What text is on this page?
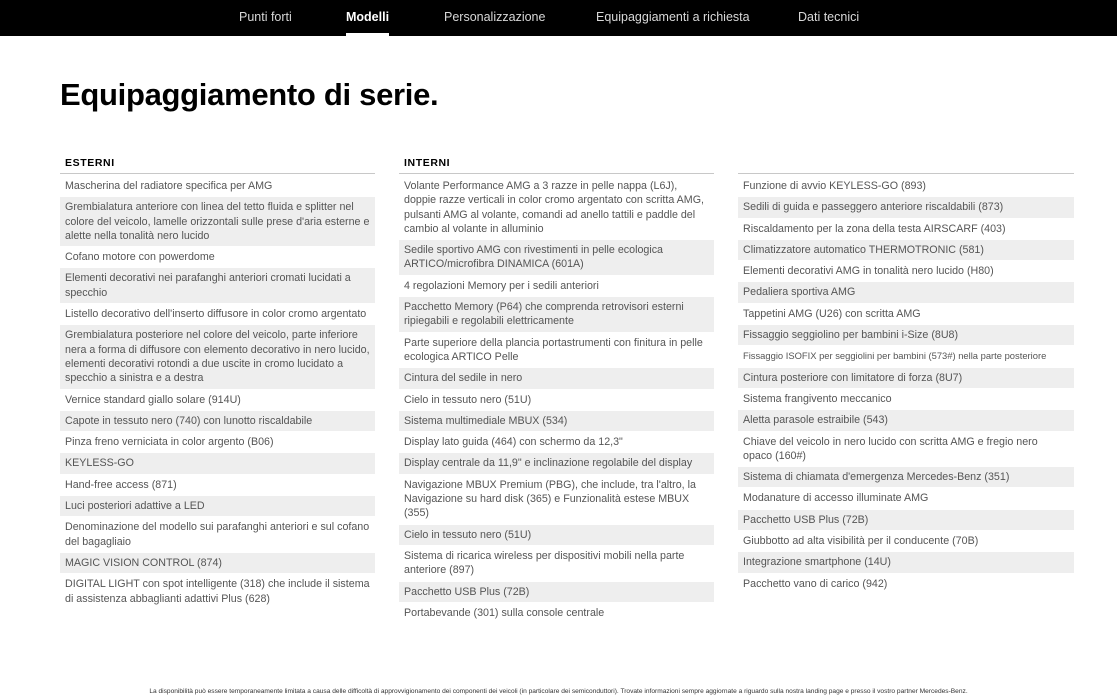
Punti forti	Modelli	Personalizzazione	Equipaggiamenti a richiesta	Dati tecnici
Equipaggiamento di serie.
ESTERNI
Mascherina del radiatore specifica per AMG
Grembialatura anteriore con linea del tetto fluida e splitter nel colore del veicolo, lamelle orizzontali sulle prese d'aria esterne e alette nella tonalità nero lucido
Cofano motore con powerdome
Elementi decorativi nei parafanghi anteriori cromati lucidati a specchio
Listello decorativo dell'inserto diffusore in color cromo argentato
Grembialatura posteriore nel colore del veicolo, parte inferiore nera a forma di diffusore con elemento decorativo in nero lucido, elementi decorativi rotondi a due uscite in cromo lucidato a specchio a sinistra e a destra
Vernice standard giallo solare (914U)
Capote in tessuto nero (740) con lunotto riscaldabile
Pinza freno verniciata in color argento (B06)
KEYLESS-GO
Hand-free access (871)
Luci posteriori adattive a LED
Denominazione del modello sui parafanghi anteriori e sul cofano del bagagliaio
MAGIC VISION CONTROL (874)
DIGITAL LIGHT con spot intelligente (318) che include il sistema di assistenza abbaglianti adattivi Plus (628)
INTERNI
Volante Performance AMG a 3 razze in pelle nappa (L6J), doppie razze verticali in color cromo argentato con scritta AMG, pulsanti AMG al volante, comandi ad anello tattili e paddle del cambio al volante in alluminio
Sedile sportivo AMG con rivestimenti in pelle ecologica ARTICO/microfibra DINAMICA (601A)
4 regolazioni Memory per i sedili anteriori
Pacchetto Memory (P64) che comprenda retrovisori esterni ripiegabili e regolabili elettricamente
Parte superiore della plancia portastrumenti con finitura in pelle ecologica ARTICO Pelle
Cintura del sedile in nero
Cielo in tessuto nero (51U)
Sistema multimediale MBUX (534)
Display lato guida (464) con schermo da 12,3"
Display centrale da 11,9" e inclinazione regolabile del display
Navigazione MBUX Premium (PBG), che include, tra l'altro, la Navigazione su hard disk (365) e Funzionalità estese MBUX (355)
Cielo in tessuto nero (51U)
Sistema di ricarica wireless per dispositivi mobili nella parte anteriore (897)
Pacchetto USB Plus (72B)
Portabevande (301) sulla console centrale
Funzione di avvio KEYLESS-GO (893)
Sedili di guida e passeggero anteriore riscaldabili (873)
Riscaldamento per la zona della testa AIRSCARF (403)
Climatizzatore automatico THERMOTRONIC (581)
Elementi decorativi AMG in tonalità nero lucido (H80)
Pedaliera sportiva AMG
Tappetini AMG (U26) con scritta AMG
Fissaggio seggiolino per bambini i-Size (8U8)
Fissaggio ISOFIX per seggiolini per bambini (573#) nella parte posteriore
Cintura posteriore con limitatore di forza (8U7)
Sistema frangivento meccanico
Aletta parasole estraibile (543)
Chiave del veicolo in nero lucido con scritta AMG e fregio nero opaco (160#)
Sistema di chiamata d'emergenza Mercedes-Benz (351)
Modanature di accesso illuminate AMG
Pacchetto USB Plus (72B)
Giubbotto ad alta visibilità per il conducente (70B)
Integrazione smartphone (14U)
Pacchetto vano di carico (942)
La disponibilità può essere temporaneamente limitata a causa delle difficoltà di approvvigionamento dei componenti dei veicoli (in particolare dei semiconduttori). Trovate informazioni sempre aggiornate a riguardo sulla nostra landing page e presso il vostro partner Mercedes-Benz.
